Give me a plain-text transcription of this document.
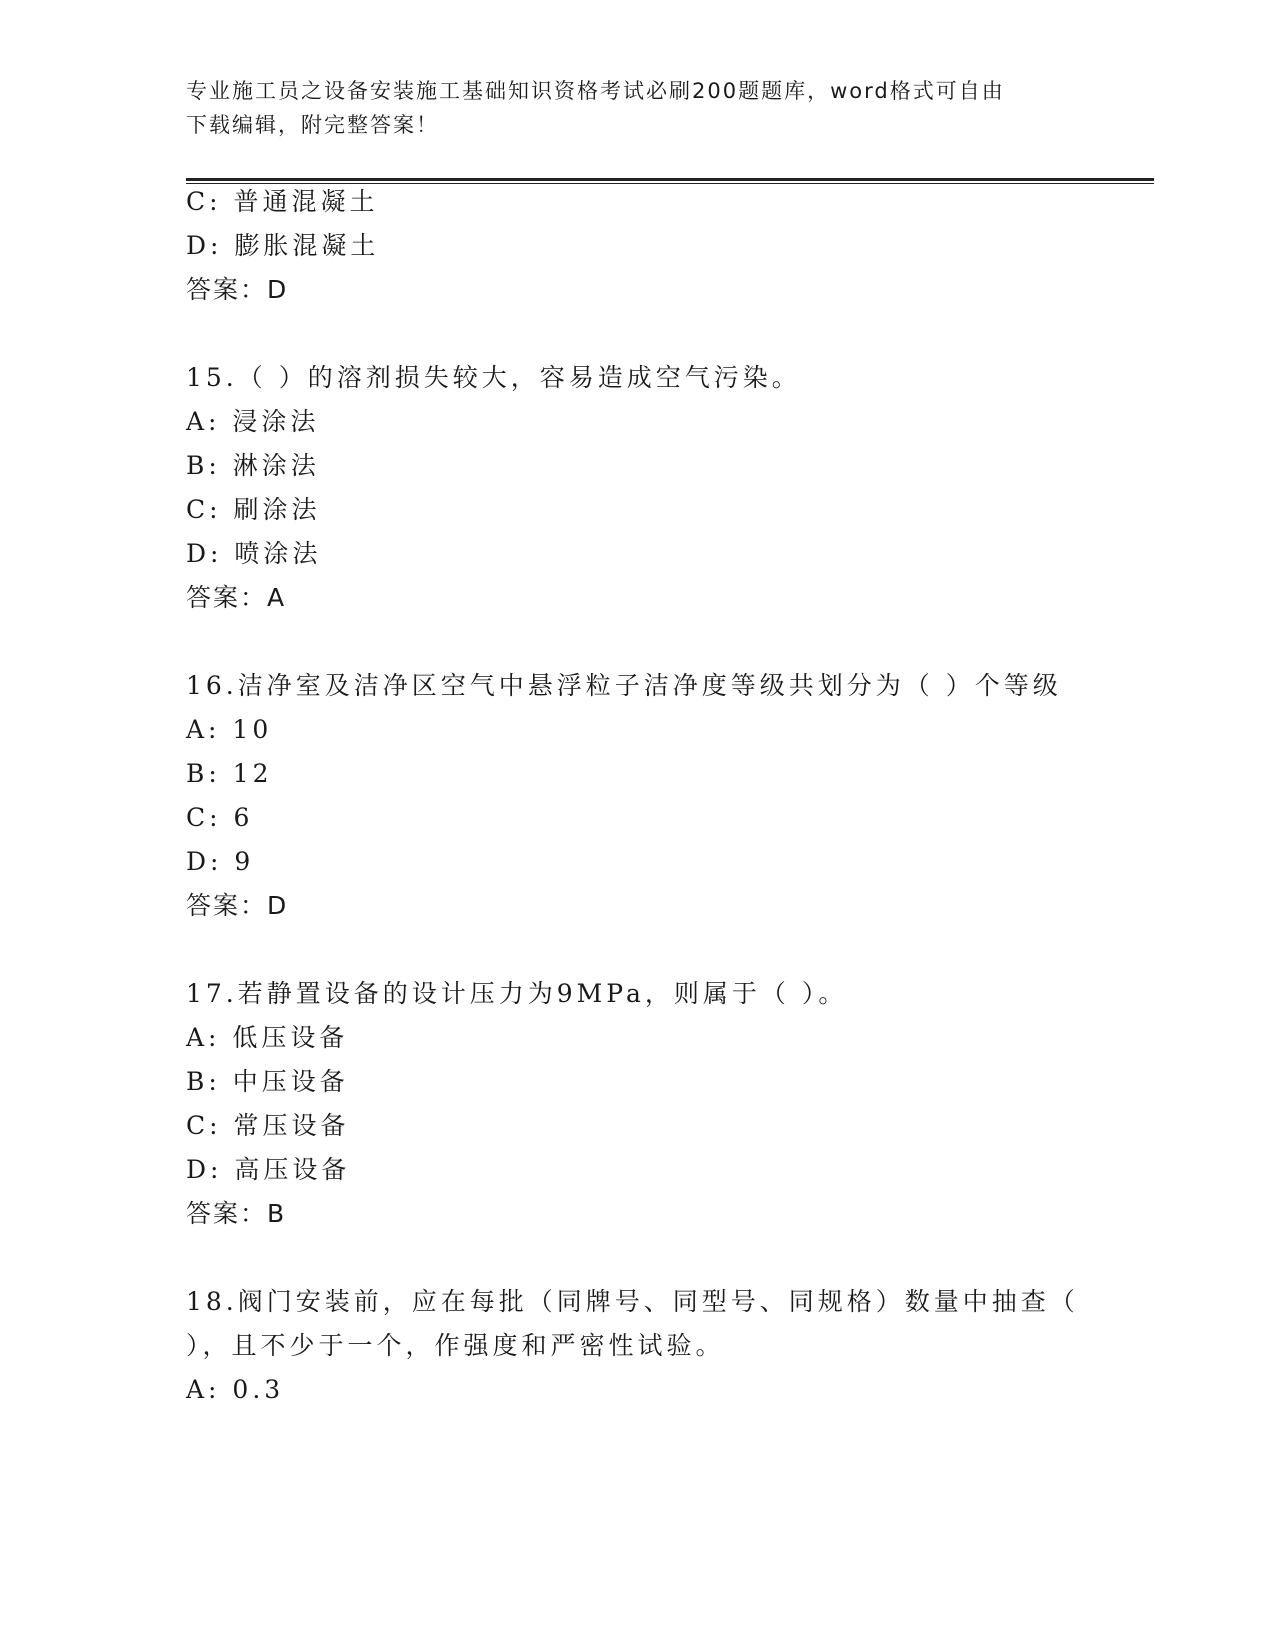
专业施工员之设备安装施工基础知识资格考试必刷200题题库，word格式可自由
下载编辑，附完整答案！
C: 普通混凝土
D: 膨胀混凝土
答案：D
15.（ ）的溶剂损失较大，容易造成空气污染。
A: 浸涂法
B: 淋涂法
C: 刷涂法
D: 喷涂法
答案：A
16.洁净室及洁净区空气中悬浮粒子洁净度等级共划分为（ ）个等级
A: 10
B: 12
C: 6
D: 9
答案：D
17.若静置设备的设计压力为9MPa，则属于（ ）。
A: 低压设备
B: 中压设备
C: 常压设备
D: 高压设备
答案：B
18.阀门安装前，应在每批（同牌号、同型号、同规格）数量中抽查（
），且不少于一个，作强度和严密性试验。
A: 0.3
